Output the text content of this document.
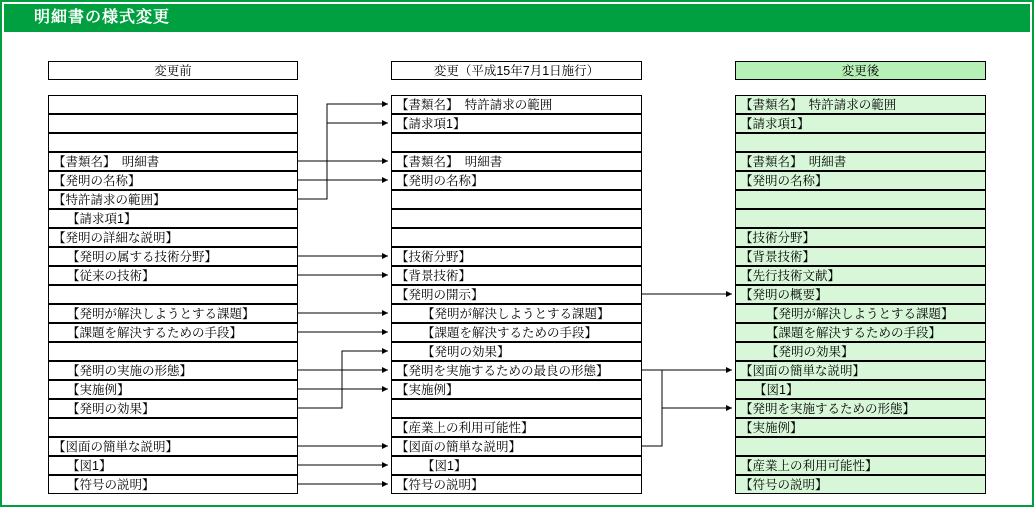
明細書の様式変更
変更前	変更（平成15年7月1日施行）	変更後
【書類名】　明細書
【発明の名称】
【特許請求の範囲】
【請求項1】
【発明の詳細な説明】
【発明の属する技術分野】
【従来の技術】
【発明が解決しようとする課題】
【課題を解決するための手段】
【発明の実施の形態】
【実施例】
【発明の効果】
【図面の簡単な説明】
【図1】
【符号の説明】
【書類名】　特許請求の範囲
【請求項1】
【書類名】　明細書
【発明の名称】
【技術分野】
【背景技術】
【発明の開示】
【発明が解決しようとする課題】
【課題を解決するための手段】
【発明の効果】
【発明を実施するための最良の形態】
【実施例】
【産業上の利用可能性】
【図面の簡単な説明】
【図1】
【符号の説明】
【書類名】　特許請求の範囲
【請求項1】
【書類名】　明細書
【発明の名称】
【技術分野】
【背景技術】
【先行技術文献】
【発明の概要】
【発明が解決しようとする課題】
【課題を解決するための手段】
【発明の効果】
【図面の簡単な説明】
【図1】
【発明を実施するための形態】
【実施例】
【産業上の利用可能性】
【符号の説明】
